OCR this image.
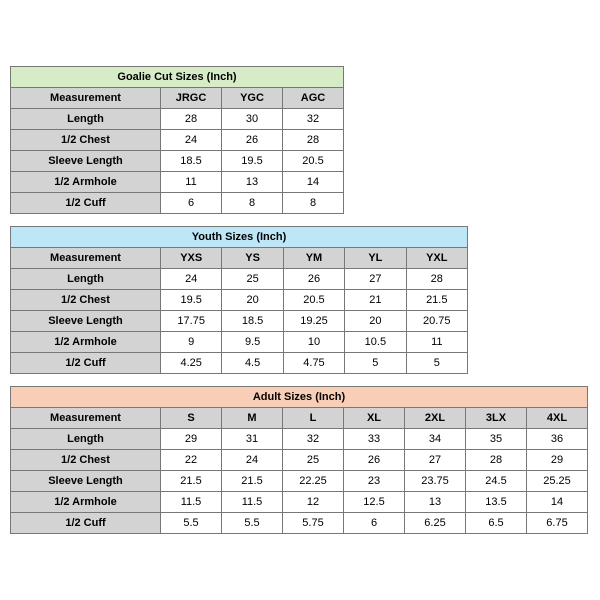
Goalie Cut Sizes (Inch)			
Measurement	JRGC	YGC	AGC
Length	28	30	32
1/2 Chest	24	26	28
Sleeve Length	18.5	19.5	20.5
1/2 Armhole	11	13	14
1/2 Cuff	6	8	8
Youth Sizes (Inch)					
Measurement	YXS	YS	YM	YL	YXL
Length	24	25	26	27	28
1/2 Chest	19.5	20	20.5	21	21.5
Sleeve Length	17.75	18.5	19.25	20	20.75
1/2 Armhole	9	9.5	10	10.5	11
1/2 Cuff	4.25	4.5	4.75	5	5
Adult Sizes (Inch)							
Measurement	S	M	L	XL	2XL	3LX	4XL
Length	29	31	32	33	34	35	36
1/2 Chest	22	24	25	26	27	28	29
Sleeve Length	21.5	21.5	22.25	23	23.75	24.5	25.25
1/2 Armhole	11.5	11.5	12	12.5	13	13.5	14
1/2 Cuff	5.5	5.5	5.75	6	6.25	6.5	6.75
